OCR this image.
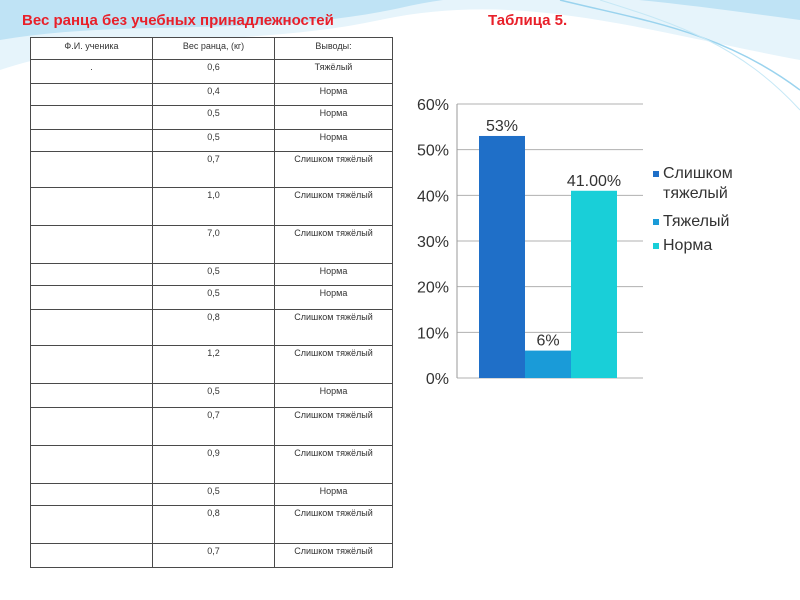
Вес ранца без учебных принадлежностей	Таблица 5.
Ф.И. ученика	Вес ранца, (кг)	Выводы:
.	0,6	Тяжёлый
	0,4	Норма
	0,5	Норма
	0,5	Норма
	0,7	Слишком тяжёлый
	1,0	Слишком тяжёлый
	7,0	Слишком тяжёлый
	0,5	Норма
	0,5	Норма
	0,8	Слишком тяжёлый
	1,2	Слишком тяжёлый
	0,5	Норма
	0,7	Слишком тяжёлый
	0,9	Слишком тяжёлый
	0,5	Норма
	0,8	Слишком тяжёлый
	0,7	Слишком тяжёлый
0%
10%
20%
30%
40%
50%
60%
53%
6%
41.00%	Слишком тяжелый
Тяжелый
Норма
